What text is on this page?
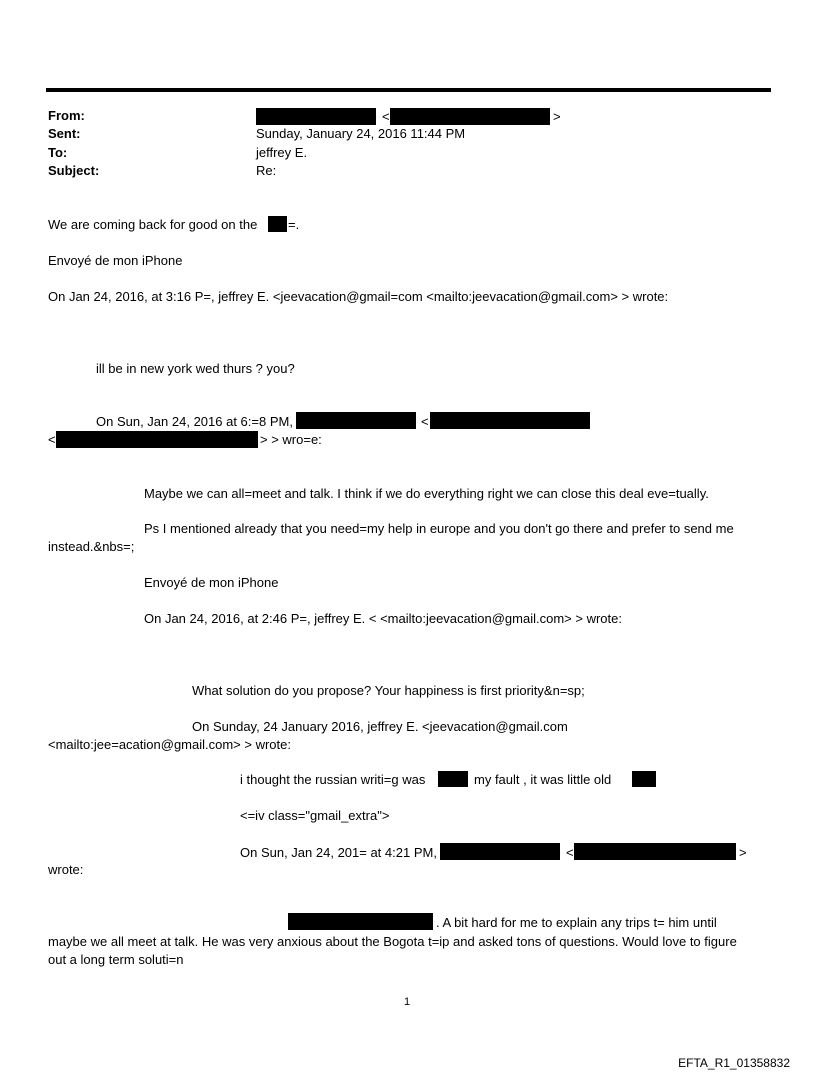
From:	<	>
Sent:	Sunday, January 24, 2016 11:44 PM
To:	jeffrey E.
Subject:	Re:
We are coming back for good on the =.
Envoyé de mon iPhone
On Jan 24, 2016, at 3:16 P=, jeffrey E. <jeevacation@gmail=com <mailto:jeevacation@gmail.com> > wrote:
ill be in new york wed thurs ? you?
On Sun, Jan 24, 2016 at 6:=8 PM,	<
<	> > wro=e:
Maybe we can all=meet and talk. I think if we do everything right we can close this deal eve=tually.
Ps I mentioned already that you need=my help in europe and you don't go there and prefer to send me
instead.&nbs=;
Envoyé de mon iPhone
On Jan 24, 2016, at 2:46 P=, jeffrey E. < <mailto:jeevacation@gmail.com> > wrote:
What solution do you propose? Your happiness is first priority&n=sp;
On Sunday, 24 January 2016, jeffrey E. <jeevacation@gmail.com
<mailto:jee=acation@gmail.com> > wrote:
i thought the russian writi=g was	my fault , it was little old
<=iv class="gmail_extra">
On Sun, Jan 24, 201= at 4:21 PM,	<	>
wrote:
. A bit hard for me to explain any trips t= him until
maybe we all meet at talk. He was very anxious about the Bogota t=ip and asked tons of questions. Would love to figure
out a long term soluti=n
1
EFTA_R1_01358832
